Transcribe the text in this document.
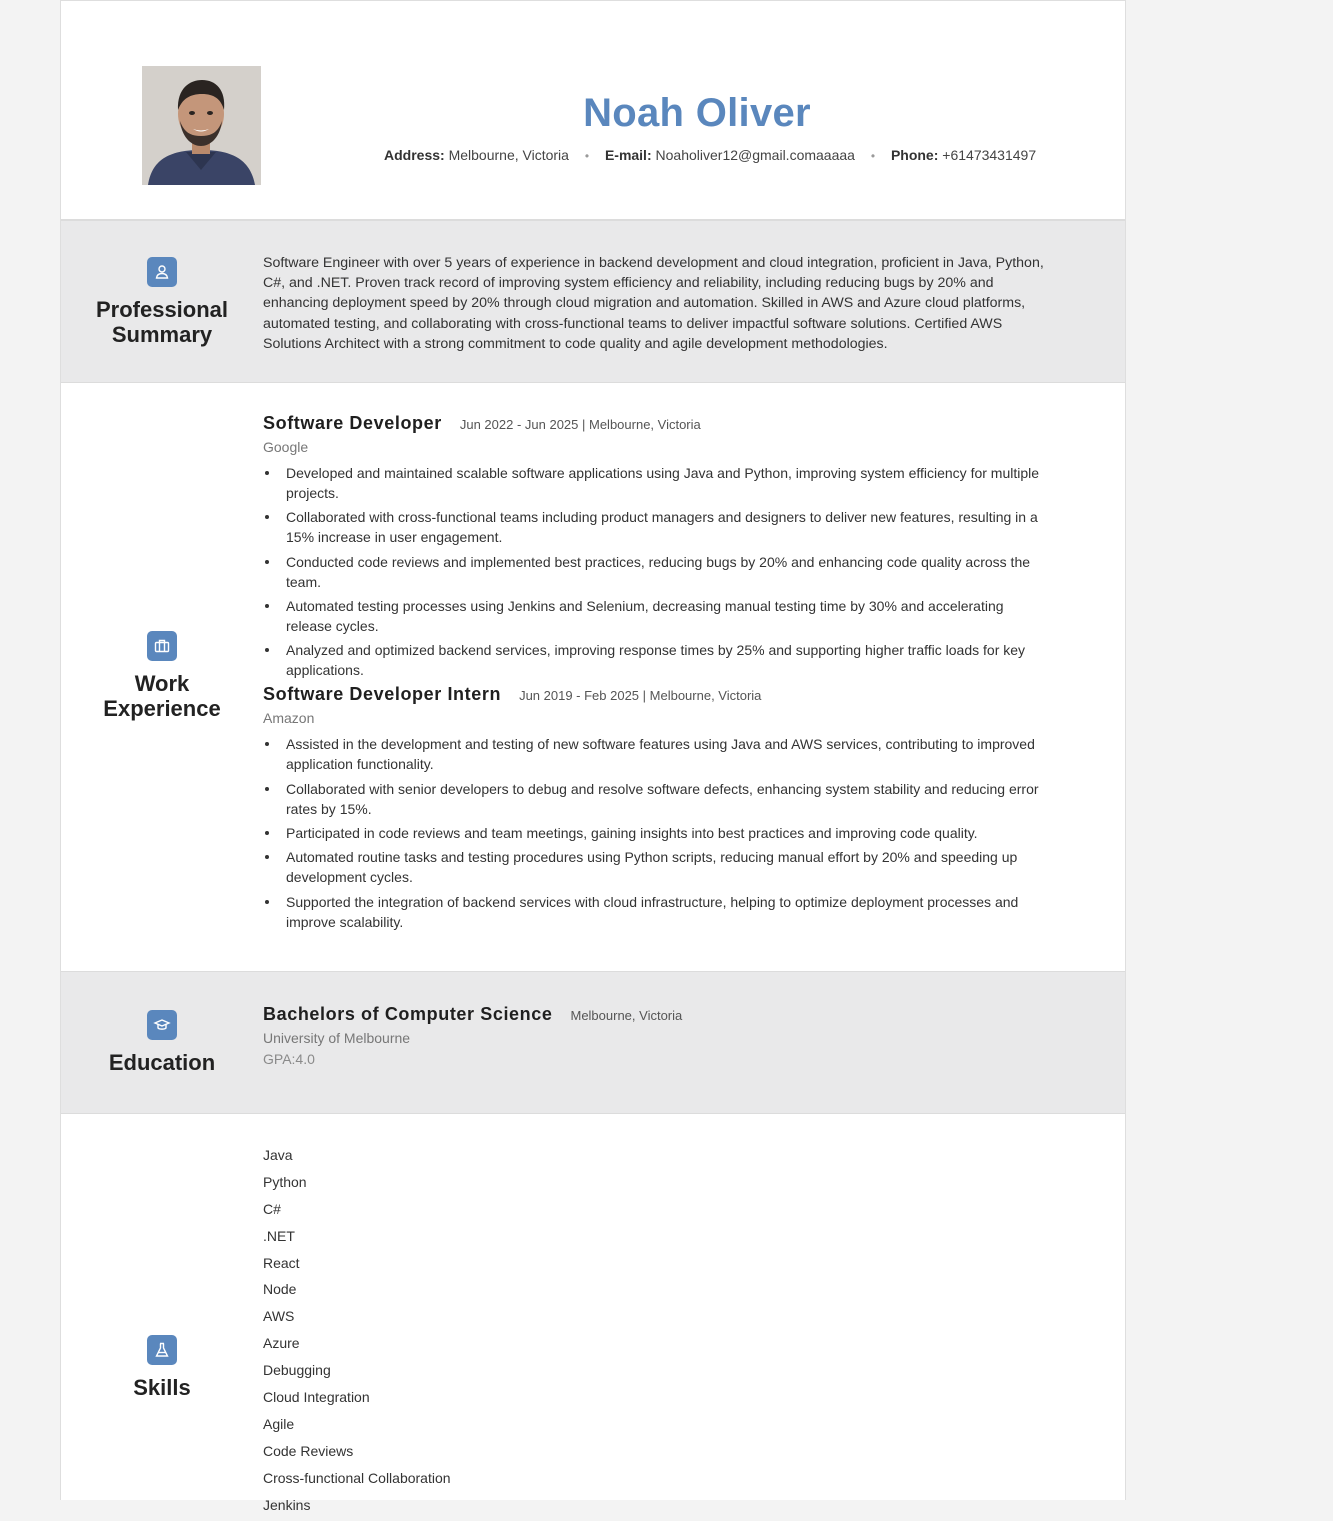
Noah Oliver
Address: Melbourne, Victoria • E-mail: Noaholiver12@gmail.comaaaaa • Phone: +61473431497
Professional Summary
Software Engineer with over 5 years of experience in backend development and cloud integration, proficient in Java, Python, C#, and .NET. Proven track record of improving system efficiency and reliability, including reducing bugs by 20% and enhancing deployment speed by 20% through cloud migration and automation. Skilled in AWS and Azure cloud platforms, automated testing, and collaborating with cross-functional teams to deliver impactful software solutions. Certified AWS Solutions Architect with a strong commitment to code quality and agile development methodologies.
Work Experience
Software Developer Jun 2022 - Jun 2025 | Melbourne, Victoria
Google
Developed and maintained scalable software applications using Java and Python, improving system efficiency for multiple projects.
Collaborated with cross-functional teams including product managers and designers to deliver new features, resulting in a 15% increase in user engagement.
Conducted code reviews and implemented best practices, reducing bugs by 20% and enhancing code quality across the team.
Automated testing processes using Jenkins and Selenium, decreasing manual testing time by 30% and accelerating release cycles.
Analyzed and optimized backend services, improving response times by 25% and supporting higher traffic loads for key applications.
Software Developer Intern Jun 2019 - Feb 2025 | Melbourne, Victoria
Amazon
Assisted in the development and testing of new software features using Java and AWS services, contributing to improved application functionality.
Collaborated with senior developers to debug and resolve software defects, enhancing system stability and reducing error rates by 15%.
Participated in code reviews and team meetings, gaining insights into best practices and improving code quality.
Automated routine tasks and testing procedures using Python scripts, reducing manual effort by 20% and speeding up development cycles.
Supported the integration of backend services with cloud infrastructure, helping to optimize deployment processes and improve scalability.
Education
Bachelors of Computer Science Melbourne, Victoria
University of Melbourne
GPA:4.0
Skills
Java
Python
C#
.NET
React
Node
AWS
Azure
Debugging
Cloud Integration
Agile
Code Reviews
Cross-functional Collaboration
Jenkins
